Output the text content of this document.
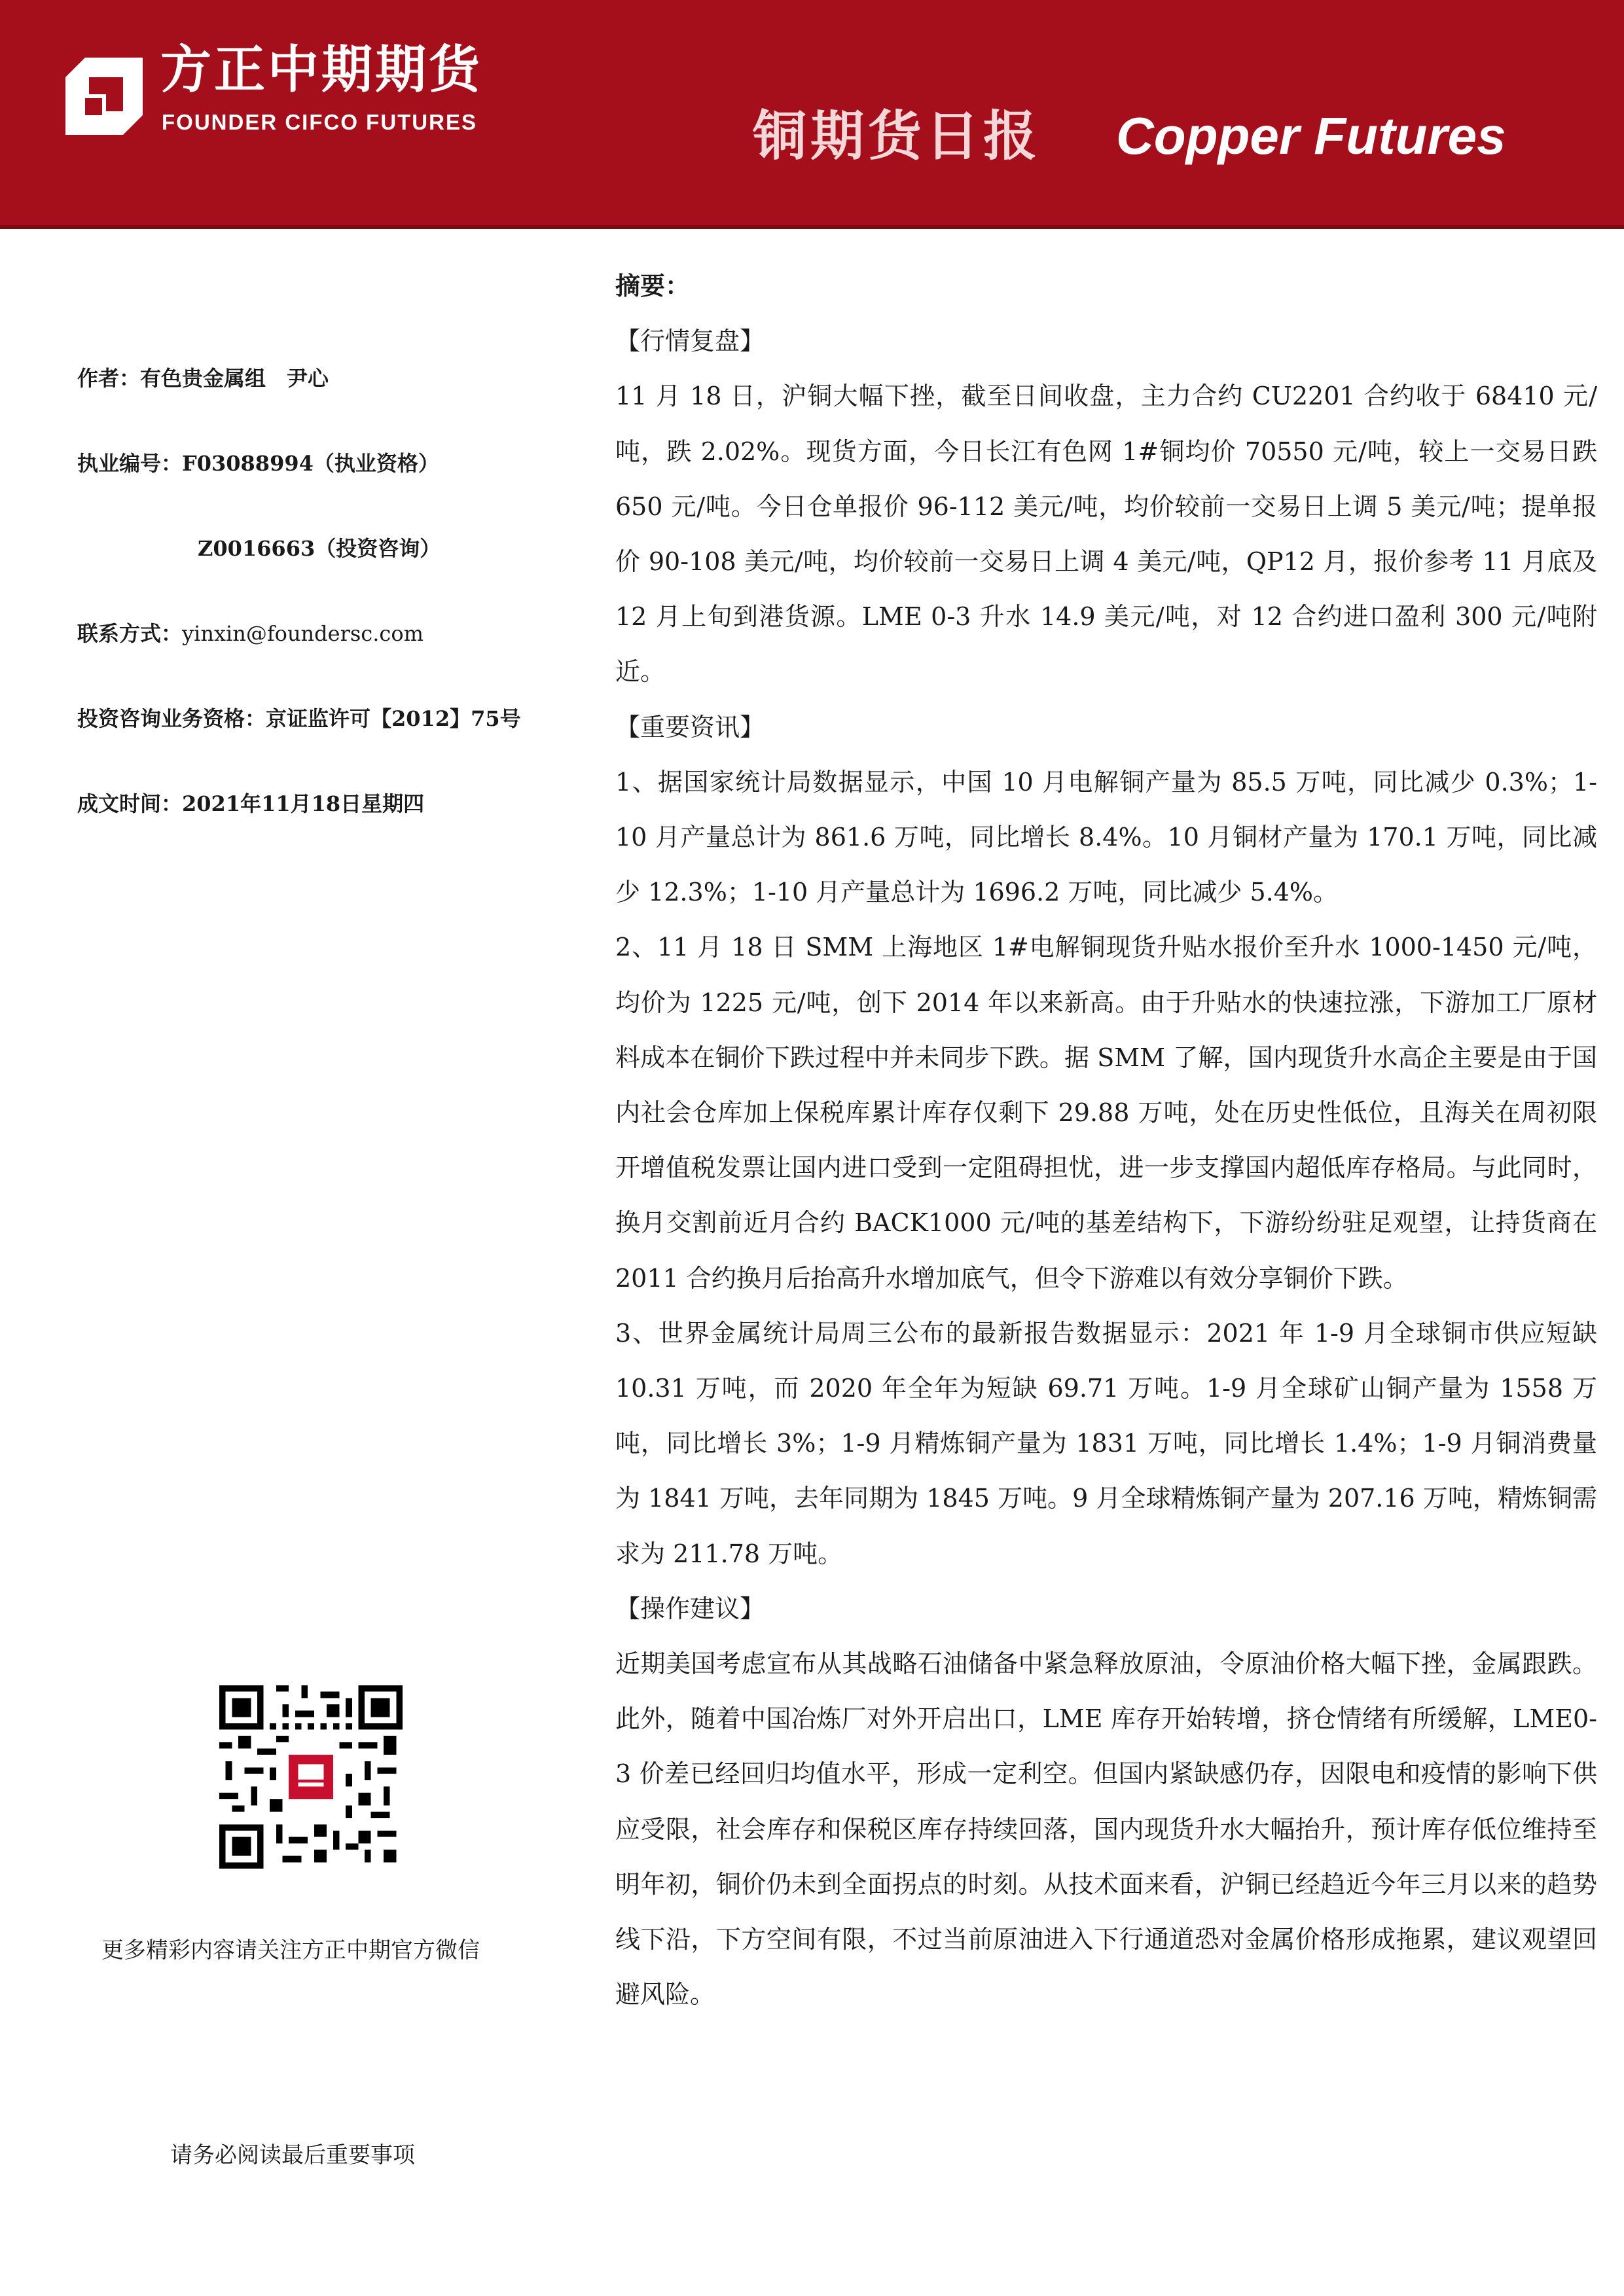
方正中期期货
FOUNDER CIFCO FUTURES	铜期货日报 Copper Futures
作者：有色贵金属组　尹心
执业编号：F03088994（执业资格）
Z0016663（投资咨询）
联系方式：yinxin@foundersc.com
投资咨询业务资格：京证监许可【2012】75号
成文时间：2021年11月18日星期四
更多精彩内容请关注方正中期官方微信
请务必阅读最后重要事项

摘要：

【行情复盘】

11 月 18 日，沪铜大幅下挫，截至日间收盘，主力合约 CU2201 合约收于 68410 元/吨，跌 2.02%。现货方面，今日长江有色网 1#铜均价 70550 元/吨，较上一交易日跌 650 元/吨。今日仓单报价 96-112 美元/吨，均价较前一交易日上调 5 美元/吨；提单报价 90-108 美元/吨，均价较前一交易日上调 4 美元/吨，QP12 月，报价参考 11 月底及 12 月上旬到港货源。LME 0-3 升水 14.9 美元/吨，对 12 合约进口盈利 300 元/吨附近。

【重要资讯】

1、据国家统计局数据显示，中国 10 月电解铜产量为 85.5 万吨，同比减少 0.3%；1-10 月产量总计为 861.6 万吨，同比增长 8.4%。10 月铜材产量为 170.1 万吨，同比减少 12.3%；1-10 月产量总计为 1696.2 万吨，同比减少 5.4%。

2、11 月 18 日 SMM 上海地区 1#电解铜现货升贴水报价至升水 1000-1450 元/吨，均价为 1225 元/吨，创下 2014 年以来新高。由于升贴水的快速拉涨，下游加工厂原材料成本在铜价下跌过程中并未同步下跌。据 SMM 了解，国内现货升水高企主要是由于国内社会仓库加上保税库累计库存仅剩下 29.88 万吨，处在历史性低位，且海关在周初限开增值税发票让国内进口受到一定阻碍担忧，进一步支撑国内超低库存格局。与此同时，换月交割前近月合约 BACK1000 元/吨的基差结构下，下游纷纷驻足观望，让持货商在 2011 合约换月后抬高升水增加底气，但令下游难以有效分享铜价下跌。

3、世界金属统计局周三公布的最新报告数据显示：2021 年 1-9 月全球铜市供应短缺 10.31 万吨，而 2020 年全年为短缺 69.71 万吨。1-9 月全球矿山铜产量为 1558 万吨，同比增长 3%；1-9 月精炼铜产量为 1831 万吨，同比增长 1.4%；1-9 月铜消费量为 1841 万吨，去年同期为 1845 万吨。9 月全球精炼铜产量为 207.16 万吨，精炼铜需求为 211.78 万吨。

【操作建议】

近期美国考虑宣布从其战略石油储备中紧急释放原油，令原油价格大幅下挫，金属跟跌。此外，随着中国冶炼厂对外开启出口，LME 库存开始转增，挤仓情绪有所缓解，LME0-3 价差已经回归均值水平，形成一定利空。但国内紧缺感仍存，因限电和疫情的影响下供应受限，社会库存和保税区库存持续回落，国内现货升水大幅抬升，预计库存低位维持至明年初，铜价仍未到全面拐点的时刻。从技术面来看，沪铜已经趋近今年三月以来的趋势线下沿，下方空间有限，不过当前原油进入下行通道恐对金属价格形成拖累，建议观望回避风险。
